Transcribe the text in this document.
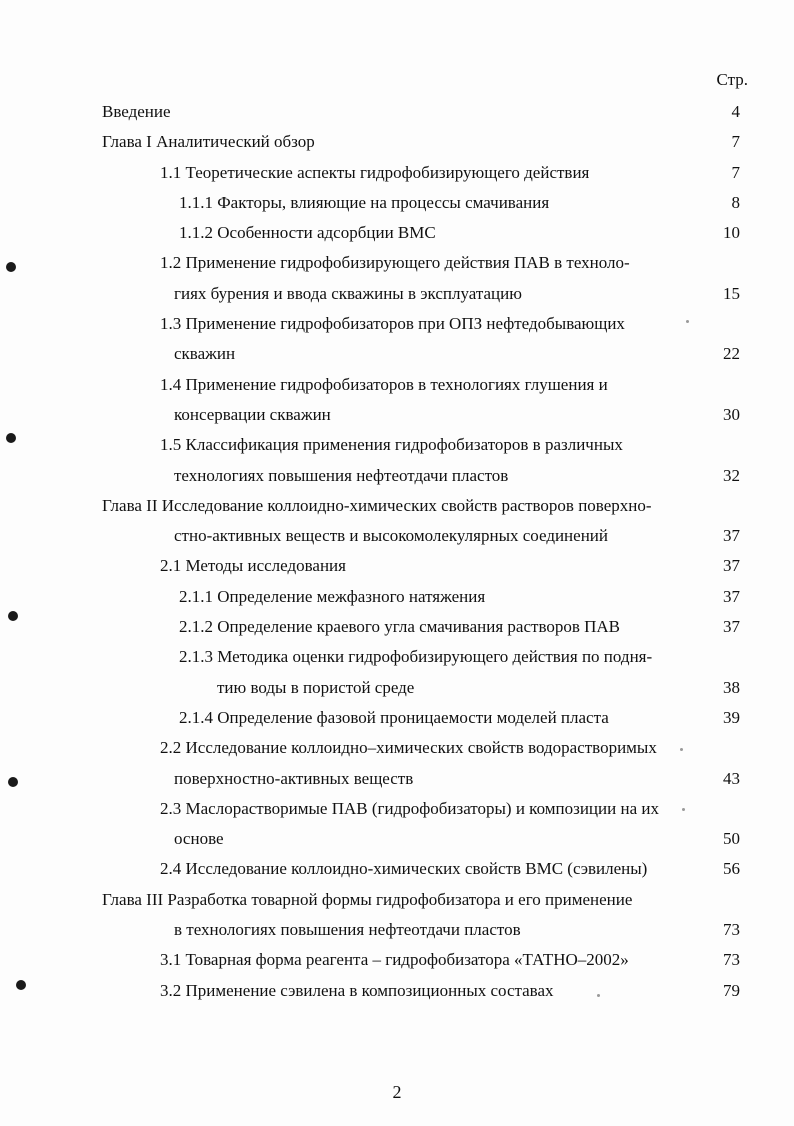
Стр.
Введение	4
Глава I Аналитический обзор	7
1.1 Теоретические аспекты гидрофобизирующего действия	7
1.1.1 Факторы, влияющие на процессы смачивания	8
1.1.2 Особенности адсорбции ВМС	10
1.2 Применение гидрофобизирующего действия ПАВ в техноло-
гиях бурения и ввода скважины в эксплуатацию	15
1.3 Применение гидрофобизаторов при ОПЗ нефтедобывающих
скважин	22
1.4 Применение гидрофобизаторов в технологиях глушения и
консервации скважин	30
1.5 Классификация применения гидрофобизаторов в различных
технологиях повышения нефтеотдачи пластов	32
Глава II Исследование коллоидно-химических свойств растворов поверхно-
стно-активных веществ и высокомолекулярных соединений	37
2.1 Методы исследования	37
2.1.1 Определение межфазного натяжения	37
2.1.2 Определение краевого угла смачивания растворов ПАВ	37
2.1.3 Методика оценки гидрофобизирующего действия по подня-
тию воды в пористой среде	38
2.1.4 Определение фазовой проницаемости моделей пласта	39
2.2 Исследование коллоидно–химических свойств водорастворимых
поверхностно-активных веществ	43
2.3 Маслорастворимые ПАВ (гидрофобизаторы) и композиции на их
основе	50
2.4 Исследование коллоидно-химических свойств ВМС (сэвилены)	56
Глава III Разработка товарной формы гидрофобизатора и его применение
в технологиях повышения нефтеотдачи пластов	73
3.1 Товарная форма реагента – гидрофобизатора «ТАТНО–2002»	73
3.2 Применение сэвилена в композиционных составах	79
2
